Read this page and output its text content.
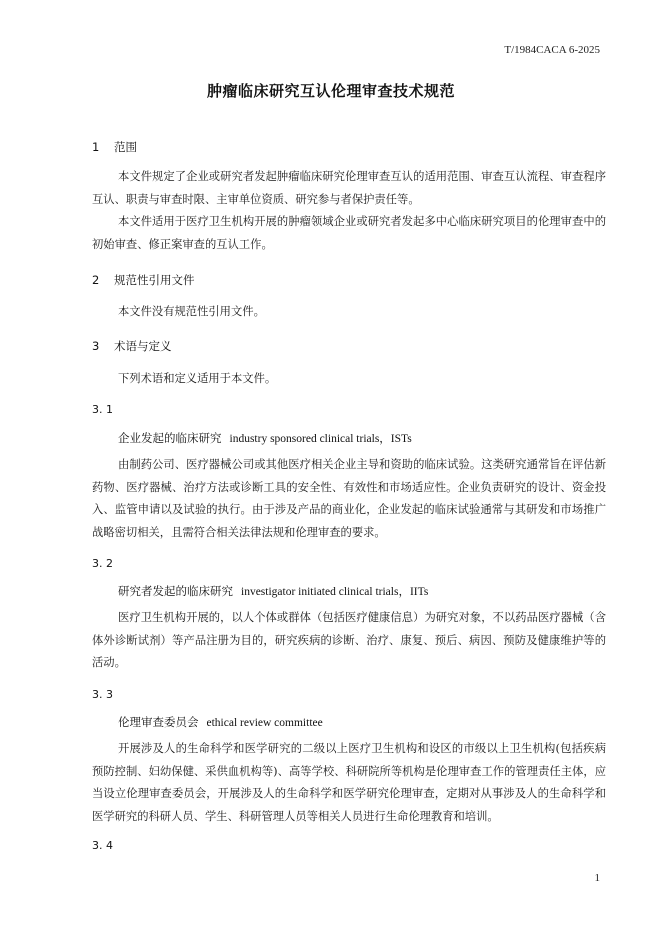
T/1984CACA 6-2025
肿瘤临床研究互认伦理审查技术规范
1 范围
本文件规定了企业或研究者发起肿瘤临床研究伦理审查互认的适用范围、审查互认流程、审查程序互认、职责与审查时限、主审单位资质、研究参与者保护责任等。
本文件适用于医疗卫生机构开展的肿瘤领域企业或研究者发起多中心临床研究项目的伦理审查中的初始审查、修正案审查的互认工作。
2 规范性引用文件
本文件没有规范性引用文件。
3 术语与定义
下列术语和定义适用于本文件。
3. 1
企业发起的临床研究 industry sponsored clinical trials，ISTs
由制药公司、医疗器械公司或其他医疗相关企业主导和资助的临床试验。这类研究通常旨在评估新药物、医疗器械、治疗方法或诊断工具的安全性、有效性和市场适应性。企业负责研究的设计、资金投入、监管申请以及试验的执行。由于涉及产品的商业化，企业发起的临床试验通常与其研发和市场推广战略密切相关，且需符合相关法律法规和伦理审查的要求。
3. 2
研究者发起的临床研究 investigator initiated clinical trials，IITs
医疗卫生机构开展的，以人个体或群体（包括医疗健康信息）为研究对象，不以药品医疗器械（含体外诊断试剂）等产品注册为目的，研究疾病的诊断、治疗、康复、预后、病因、预防及健康维护等的活动。
3. 3
伦理审查委员会 ethical review committee
开展涉及人的生命科学和医学研究的二级以上医疗卫生机构和设区的市级以上卫生机构(包括疾病预防控制、妇幼保健、采供血机构等)、高等学校、科研院所等机构是伦理审查工作的管理责任主体，应当设立伦理审查委员会，开展涉及人的生命科学和医学研究伦理审查，定期对从事涉及人的生命科学和医学研究的科研人员、学生、科研管理人员等相关人员进行生命伦理教育和培训。
3. 4
1
